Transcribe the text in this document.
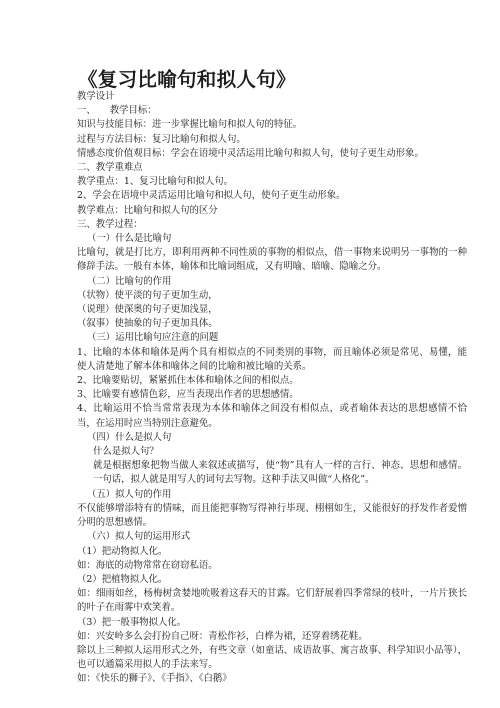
《复习比喻句和拟人句》
教学设计
一、　　教学目标：
知识与技能目标：进一步掌握比喻句和拟人句的特征。
过程与方法目标：复习比喻句和拟人句。
情感态度价值观目标：学会在语境中灵活运用比喻句和拟人句，使句子更生动形象。
二、教学重难点
教学重点：1、复习比喻句和拟人句。
2、学会在语境中灵活运用比喻句和拟人句，使句子更生动形象。
教学难点：比喻句和拟人句的区分
三、教学过程：
（一）什么是比喻句
比喻句，就是打比方，即利用两种不同性质的事物的相似点，借一事物来说明另一事物的一种修辞手法。一般有本体，喻体和比喻词组成，又有明喻、暗喻、隐喻之分。
（二）比喻句的作用
（状物）使平淡的句子更加生动，
（说理）使深奥的句子更加浅显，
（叙事）使抽象的句子更加具体。
（三）运用比喻句应注意的问题
1、比喻的本体和喻体是两个具有相似点的不同类别的事物，而且喻体必须是常见、易懂，能使人清楚地了解本体和喻体之间的比喻和被比喻的关系。
2、比喻要贴切，紧紧抓住本体和喻体之间的相似点。
3、比喻要有感情色彩，应当表现出作者的思想感情。
4、比喻运用不恰当常常表现为本体和喻体之间没有相似点，或者喻体表达的思想感情不恰当，在运用时应当特别注意避免。
（四）什么是拟人句
什么是拟人句？
就是根据想象把物当做人来叙述或描写，使“物”具有人一样的言行、神态、思想和感情。一句话，拟人就是用写人的词句去写物。这种手法又叫做“人格化”。
（五）拟人句的作用
不仅能够增添特有的情味，而且能把事物写得神行毕现、栩栩如生，又能很好的抒发作者爱憎分明的思想感情。
（六）拟人句的运用形式
（1）把动物拟人化。
如：海底的动物常常在窃窃私语。
（2）把植物拟人化。
如：细雨如丝，杨梅树贪婪地吮吸着这春天的甘露。它们舒展着四季常绿的枝叶，一片片狭长的叶子在雨雾中欢笑着。
（3）把一般事物拟人化。
如：兴安岭多么会打扮自己呀：青松作衫，白桦为裙，还穿着绣花鞋。
除以上三种拟人运用形式之外，有些文章（如童话、成语故事、寓言故事、科学知识小品等），也可以通篇采用拟人的手法来写。
如：《快乐的狮子》、《手指》、《白鹅》
